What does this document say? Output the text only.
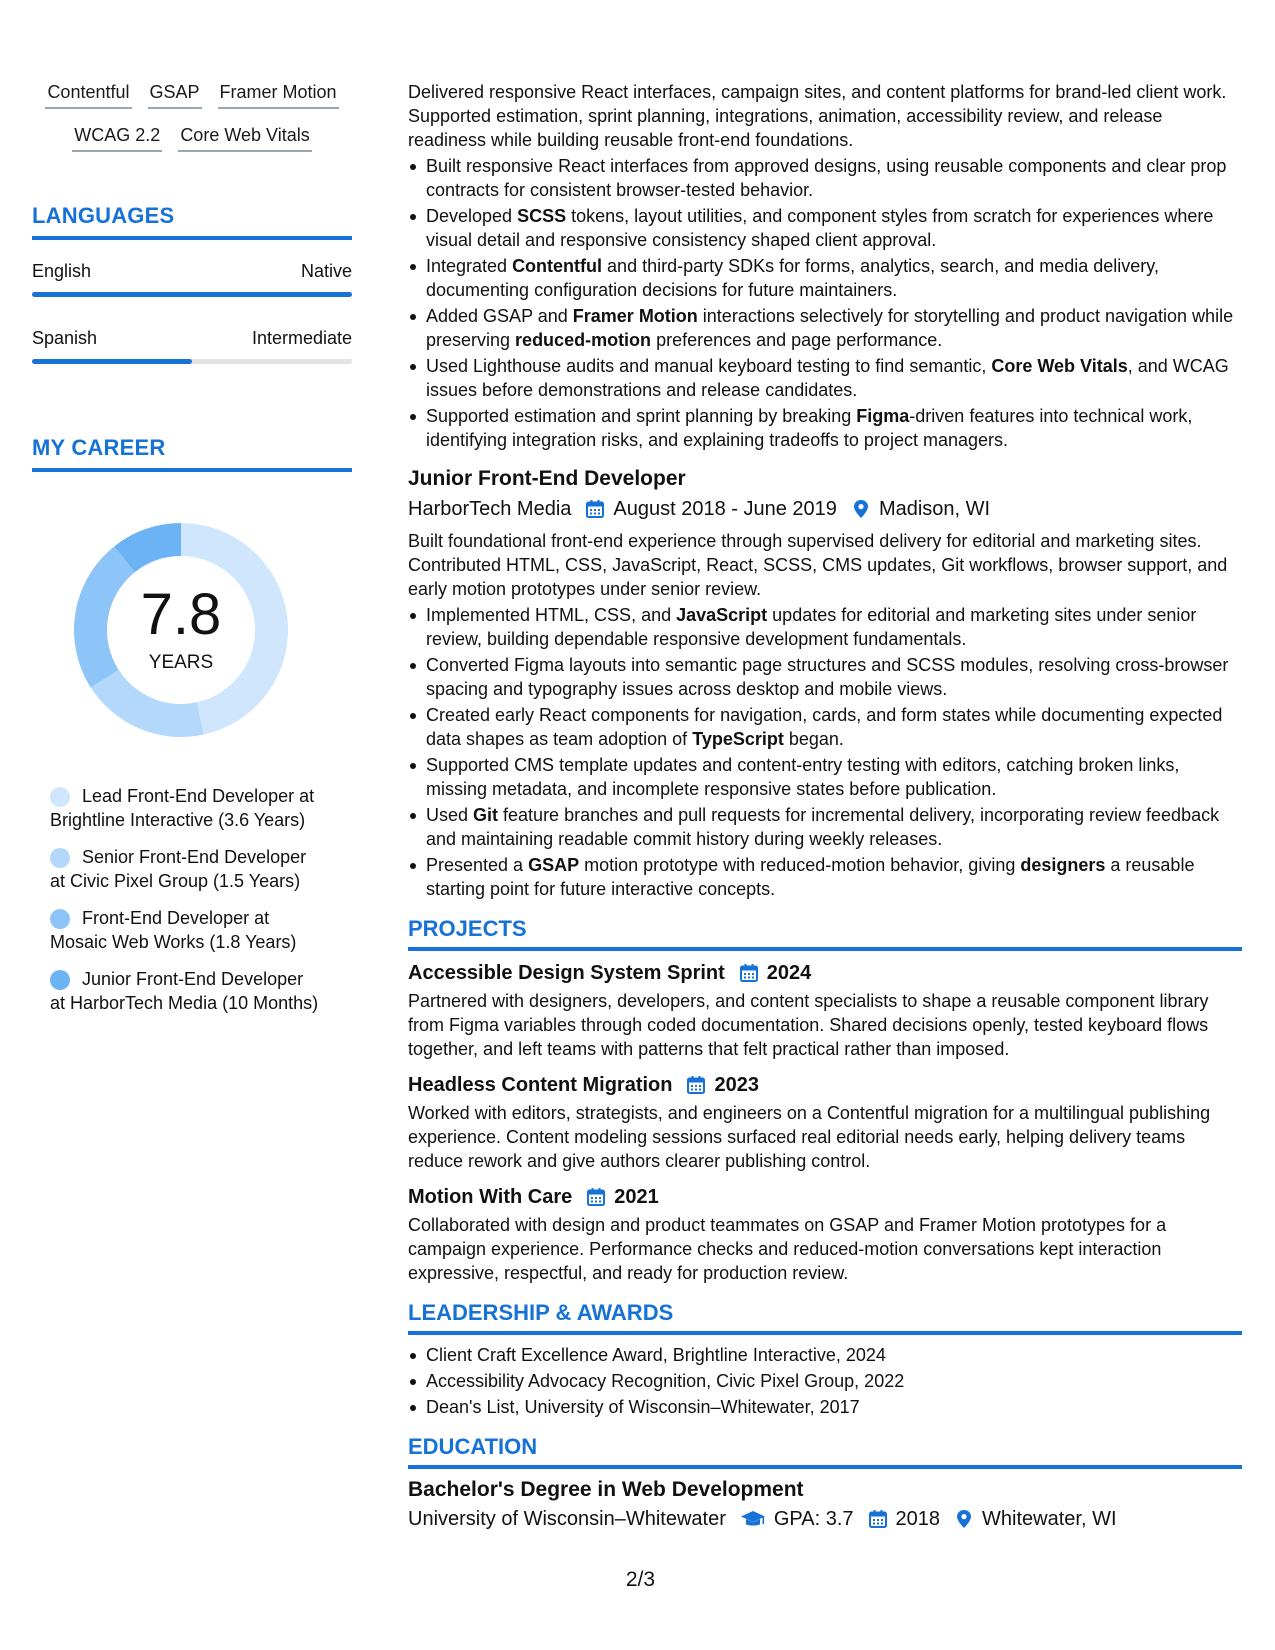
Contentful GSAP Framer Motion
WCAG 2.2 Core Web Vitals
LANGUAGES
English	Native
Spanish	Intermediate
MY CAREER
7.8
YEARS
Lead Front-End Developer at Brightline Interactive (3.6 Years)
Senior Front-End Developer at Civic Pixel Group (1.5 Years)
Front-End Developer at Mosaic Web Works (1.8 Years)
Junior Front-End Developer at HarborTech Media (10 Months)
Delivered responsive React interfaces, campaign sites, and content platforms for brand-led client work. Supported estimation, sprint planning, integrations, animation, accessibility review, and release readiness while building reusable front-end foundations.
Built responsive React interfaces from approved designs, using reusable components and clear prop contracts for consistent browser-tested behavior.
Developed SCSS tokens, layout utilities, and component styles from scratch for experiences where visual detail and responsive consistency shaped client approval.
Integrated Contentful and third-party SDKs for forms, analytics, search, and media delivery, documenting configuration decisions for future maintainers.
Added GSAP and Framer Motion interactions selectively for storytelling and product navigation while preserving reduced-motion preferences and page performance.
Used Lighthouse audits and manual keyboard testing to find semantic, Core Web Vitals, and WCAG issues before demonstrations and release candidates.
Supported estimation and sprint planning by breaking Figma-driven features into technical work, identifying integration risks, and explaining tradeoffs to project managers.
Junior Front-End Developer
HarborTech Media August 2018 - June 2019 Madison, WI
Built foundational front-end experience through supervised delivery for editorial and marketing sites. Contributed HTML, CSS, JavaScript, React, SCSS, CMS updates, Git workflows, browser support, and early motion prototypes under senior review.
Implemented HTML, CSS, and JavaScript updates for editorial and marketing sites under senior review, building dependable responsive development fundamentals.
Converted Figma layouts into semantic page structures and SCSS modules, resolving cross-browser spacing and typography issues across desktop and mobile views.
Created early React components for navigation, cards, and form states while documenting expected data shapes as team adoption of TypeScript began.
Supported CMS template updates and content-entry testing with editors, catching broken links, missing metadata, and incomplete responsive states before publication.
Used Git feature branches and pull requests for incremental delivery, incorporating review feedback and maintaining readable commit history during weekly releases.
Presented a GSAP motion prototype with reduced-motion behavior, giving designers a reusable starting point for future interactive concepts.
PROJECTS
Accessible Design System Sprint 2024
Partnered with designers, developers, and content specialists to shape a reusable component library from Figma variables through coded documentation. Shared decisions openly, tested keyboard flows together, and left teams with patterns that felt practical rather than imposed.
Headless Content Migration 2023
Worked with editors, strategists, and engineers on a Contentful migration for a multilingual publishing experience. Content modeling sessions surfaced real editorial needs early, helping delivery teams reduce rework and give authors clearer publishing control.
Motion With Care 2021
Collaborated with design and product teammates on GSAP and Framer Motion prototypes for a campaign experience. Performance checks and reduced-motion conversations kept interaction expressive, respectful, and ready for production review.
LEADERSHIP & AWARDS
Client Craft Excellence Award, Brightline Interactive, 2024
Accessibility Advocacy Recognition, Civic Pixel Group, 2022
Dean's List, University of Wisconsin–Whitewater, 2017
EDUCATION
Bachelor's Degree in Web Development
University of Wisconsin–Whitewater GPA: 3.7 2018 Whitewater, WI
2/3
